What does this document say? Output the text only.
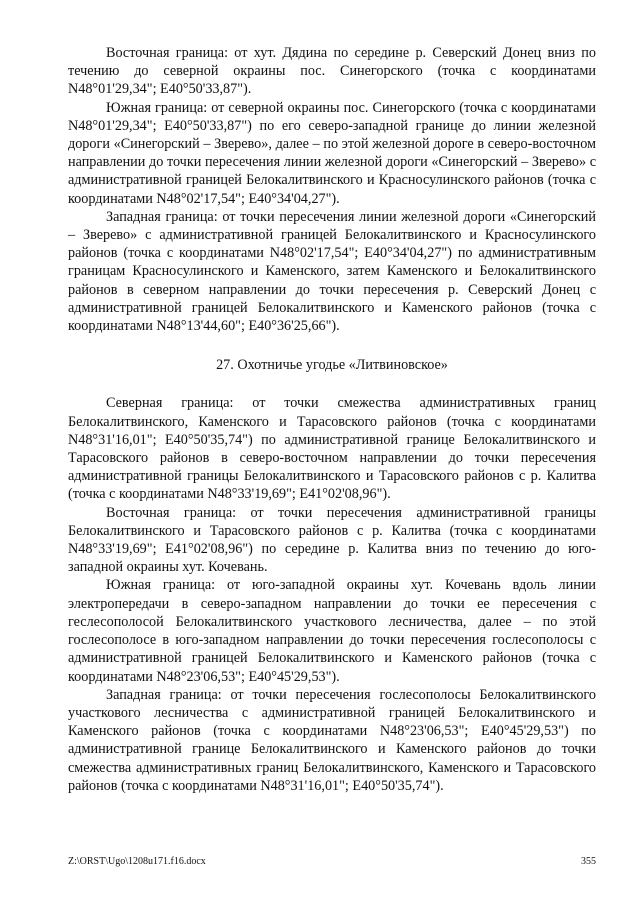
Восточная граница: от хут. Дядина по середине р. Северский Донец вниз по течению до северной окраины пос. Синегорского (точка с координатами N48°01'29,34"; E40°50'33,87").

Южная граница: от северной окраины пос. Синегорского (точка с координатами N48°01'29,34"; E40°50'33,87") по его северо-западной границе до линии железной дороги «Синегорский – Зверево», далее – по этой железной дороге в северо-восточном направлении до точки пересечения линии железной дороги «Синегорский – Зверево» с административной границей Белокалитвинского и Красносулинского районов (точка с координатами N48°02'17,54"; E40°34'04,27").

Западная граница: от точки пересечения линии железной дороги «Синегорский – Зверево» с административной границей Белокалитвинского и Красносулинского районов (точка с координатами N48°02'17,54"; E40°34'04,27") по административным границам Красносулинского и Каменского, затем Каменского и Белокалитвинского районов в северном направлении до точки пересечения р. Северский Донец с административной границей Белокалитвинского и Каменского районов (точка с координатами N48°13'44,60"; E40°36'25,66").

27. Охотничье угодье «Литвиновское»

Северная граница: от точки смежества административных границ Белокалитвинского, Каменского и Тарасовского районов (точка с координатами N48°31'16,01"; E40°50'35,74") по административной границе Белокалитвинского и Тарасовского районов в северо-восточном направлении до точки пересечения административной границы Белокалитвинского и Тарасовского районов с р. Калитва (точка с координатами N48°33'19,69"; E41°02'08,96").

Восточная граница: от точки пересечения административной границы Белокалитвинского и Тарасовского районов с р. Калитва (точка с координатами N48°33'19,69"; E41°02'08,96") по середине р. Калитва вниз по течению до юго-западной окраины хут. Кочевань.

Южная граница: от юго-западной окраины хут. Кочевань вдоль линии электропередачи в северо-западном направлении до точки ее пересечения с геслесополосой Белокалитвинского участкового лесничества, далее – по этой гослесополосе в юго-западном направлении до точки пересечения гослесополосы с административной границей Белокалитвинского и Каменского районов (точка с координатами N48°23'06,53"; E40°45'29,53").

Западная граница: от точки пересечения гослесополосы Белокалитвинского участкового лесничества с административной границей Белокалитвинского и Каменского районов (точка с координатами N48°23'06,53"; E40°45'29,53") по административной границе Белокалитвинского и Каменского районов до точки смежества административных границ Белокалитвинского, Каменского и Тарасовского районов (точка с координатами N48°31'16,01"; E40°50'35,74").

Z:\ORST\Ugo\1208u171.f16.docx	355
